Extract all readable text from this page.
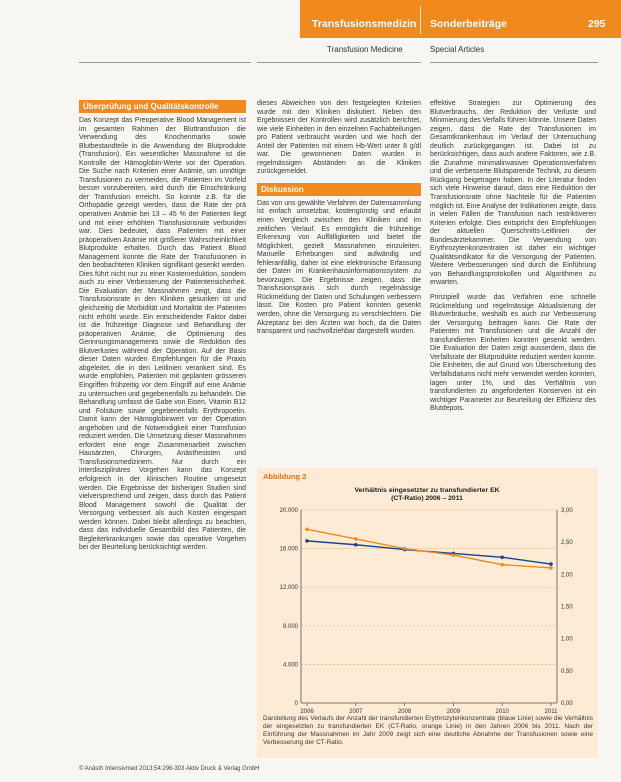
Transfusionsmedizin Sonderbeiträge	295
Transfusion Medicine	Special Articles
Überprüfung und Qualitätskontrolle

Das Konzept das Preoperative Blood Management ist im gesamten Rahmen der Bluttransfusion die Verwendung des Knochenmarks sowie Blutbestandteile in die Anwendung der Blutprodukte (Transfusion). Ein wesentlicher Massnahme ist die Kontrolle der Hämoglobin-Werte vor der Operation. Die Suche nach Kriterien einer Anämie, um unnötige Transfusionen zu vermeiden, die Patienten im Vorfeld besser vorzubereiten, wird durch die Einschränkung der Transfusion erreicht. So konnte z.B. für die Orthopädie gezeigt werden, dass die Rate der prä operativen Anämie bei 13 – 45 % der Patienten liegt und mit einer erhöhten Transfusionsrate verbunden war. Dies bedeutet, dass Patienten mit einer präoperativen Anämie mit größerer Wahrscheinlichkeit Blutprodukte erhalten. Durch das Patient Blood Management konnte die Rate der Transfusionen in den beobachteten Kliniken signifikant gesenkt werden. Dies führt nicht nur zu einer Kostenreduktion, sondern auch zu einer Verbesserung der Patientensicherheit. Die Evaluation der Massnahmen zeigt, dass die Transfusionsrate in den Kliniken gesunken ist und gleichzeitig die Morbidität und Mortalität der Patienten nicht erhöht wurde. Ein entscheidender Faktor dabei ist die frühzeitige Diagnose und Behandlung der präoperativen Anämie, die Optimierung des Gerinnungsmanagements sowie die Reduktion des Blutverlustes während der Operation. Auf der Basis dieser Daten wurden Empfehlungen für die Praxis abgeleitet, die in den Leitlinien verankert sind. Es wurde empfohlen, Patienten mit geplanten grösseren Eingriffen frühzeitig vor dem Eingriff auf eine Anämie zu untersuchen und gegebenenfalls zu behandeln. Die Behandlung umfasst die Gabe von Eisen, Vitamin B12 und Folsäure sowie gegebenenfalls Erythropoetin. Damit kann der Hämoglobinwert vor der Operation angehoben und die Notwendigkeit einer Transfusion reduziert werden. Die Umsetzung dieser Massnahmen erfordert eine enge Zusammenarbeit zwischen Hausärzten, Chirurgen, Anästhesisten und Transfusionsmedizinern. Nur durch ein interdisziplinäres Vorgehen kann das Konzept erfolgreich in der klinischen Routine umgesetzt werden. Die Ergebnisse der bisherigen Studien sind vielversprechend und zeigen, dass durch das Patient Blood Management sowohl die Qualität der Versorgung verbessert als auch Kosten eingespart werden können. Dabei bleibt allerdings zu beachten, dass das individuelle Gesamtbild des Patienten, die Begleiterkrankungen sowie das operative Vorgehen bei der Beurteilung berücksichtigt werden.

dieses Abweichen von den festgelegten Kriterien wurde mit den Kliniken diskutiert. Neben den Ergebnissen der Kontrollen wird zusätzlich berichtet, wie viele Einheiten in den einzelnen Fachabteilungen pro Patient verbraucht wurden und wie hoch der Anteil der Patienten mit einem Hb-Wert unter 8 g/dl war. Die gewonnenen Daten wurden in regelmässigen Abständen an die Kliniken zurückgemeldet.

Diskussion

Das von uns gewählte Verfahren der Datensammlung ist einfach umsetzbar, kostengünstig und erlaubt einen Vergleich zwischen den Kliniken und im zeitlichen Verlauf. Es ermöglicht die frühzeitige Erkennung von Auffälligkeiten und bietet die Möglichkeit, gezielt Massnahmen einzuleiten. Manuelle Erhebungen sind aufwändig und fehleranfällig, daher ist eine elektronische Erfassung der Daten im Krankenhausinformationssystem zu bevorzugen. Die Ergebnisse zeigen, dass die Transfusionspraxis sich durch regelmässige Rückmeldung der Daten und Schulungen verbessern lässt. Die Kosten pro Patient konnten gesenkt werden, ohne die Versorgung zu verschlechtern. Die Akzeptanz bei den Ärzten war hoch, da die Daten transparent und nachvollziehbar dargestellt wurden.

effektive Strategien zur Optimierung des Blutverbrauchs, der Reduktion der Verluste und Minimierung des Verfalls führen könnte. Unsere Daten zeigen, dass die Rate der Transfusionen im Gesamtkrankenhaus im Verlauf der Untersuchung deutlich zurückgegangen ist. Dabei ist zu berücksichtigen, dass auch andere Faktoren, wie z.B. die Zunahme minimalinvasiver Operationsverfahren und die verbesserte Blutsparende Technik, zu diesem Rückgang beigetragen haben. In der Literatur finden sich viele Hinweise darauf, dass eine Reduktion der Transfusionsrate ohne Nachteile für die Patienten möglich ist. Eine Analyse der Indikationen zeigte, dass in vielen Fällen die Transfusion nach restriktiveren Kriterien erfolgte. Dies entspricht den Empfehlungen der aktuellen Querschnitts-Leitlinien der Bundesärztekammer. Die Verwendung von Erythrozytenkonzentraten ist daher ein wichtiger Qualitätsindikator für die Versorgung der Patienten. Weitere Verbesserungen sind durch die Einführung von Behandlungsprotokollen und Algorithmen zu erwarten.

Prinzipiell wurde das Verfahren eine schnelle Rückmeldung und regelmässige Aktualisierung der Blutverbräuche, weshalb es auch zur Verbesserung der Versorgung beitragen kann. Die Rate der Patienten mit Transfusionen und die Anzahl der transfundierten Einheiten konnten gesenkt werden. Die Evaluation der Daten zeigt ausserdem, dass die Verfallsrate der Blutprodukte reduziert werden konnte. Die Einheiten, die auf Grund von Überschreitung des Verfallsdatums nicht mehr verwendet werden konnten, lagen unter 1%, und das Verhältnis von transfundierten zu angeforderten Konserven ist ein wichtiger Parameter zur Beurteilung der Effizienz des Blutdepots.

Abbildung 2
Verhältnis eingesetzter zu transfundierter EK
(CT-Ratio) 2006 – 2011
0
4.000
8.000
12.000
16.000
20.000
0,00
0,50
1,00
1,50
2,00
2,50
3,00
2006	2007	2008	2009	2010	2011
Darstellung des Verlaufs der Anzahl der transfundierten Erythrozytenkonzentrate (blaue Linie) sowie die Verhältnis der eingesetzten zu transfundierten EK (CT-Ratio, orange Linie) in den Jahren 2006 bis 2011. Nach der Einführung der Massnahmen im Jahr 2009 zeigt sich eine deutliche Abnahme der Transfusionen sowie eine Verbesserung der CT-Ratio.
© Anästh Intensivmed 2013;54:296-303 Aktiv Druck & Verlag GmbH
